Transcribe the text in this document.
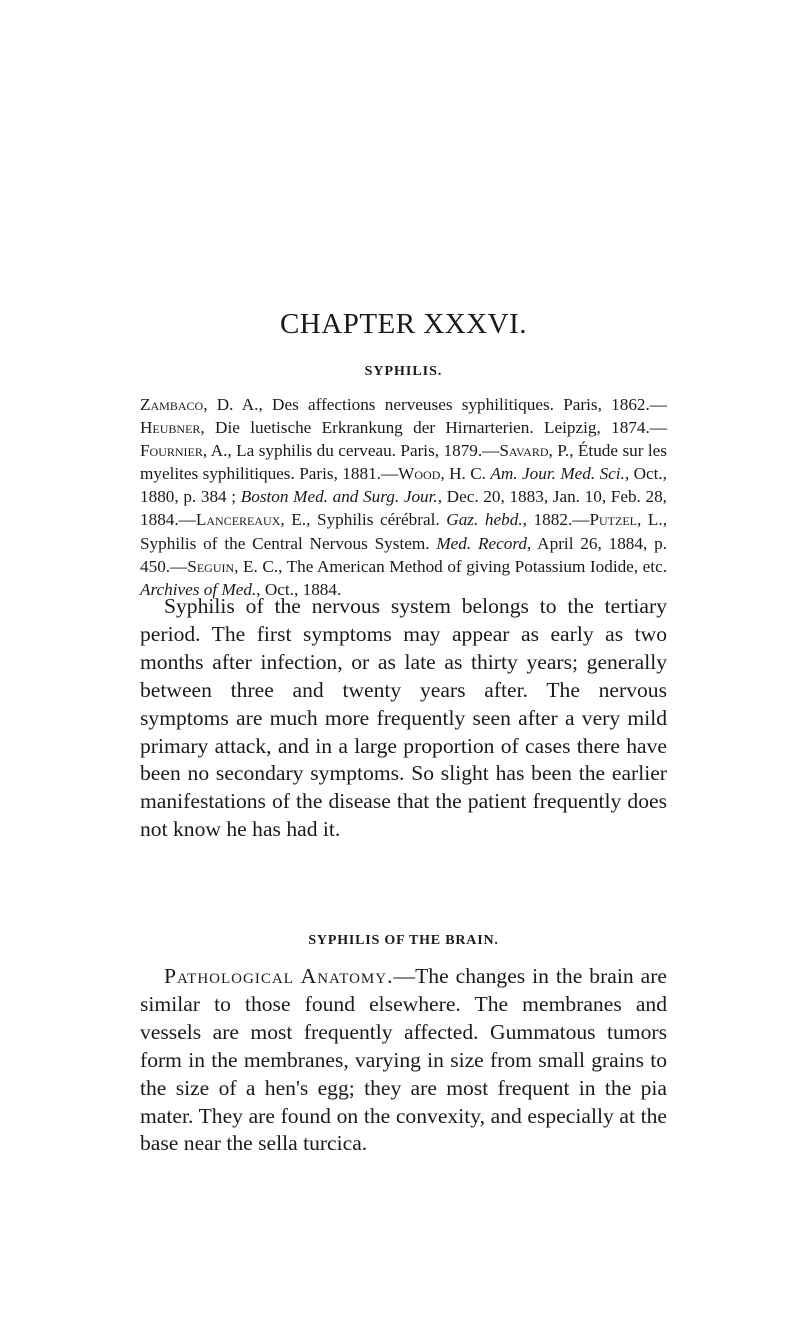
CHAPTER XXXVI.
SYPHILIS.

Zambaco, D. A., Des affections nerveuses syphilitiques. Paris, 1862.—Heubner, Die luetische Erkrankung der Hirnarterien. Leipzig, 1874.—Fournier, A., La syphilis du cerveau. Paris, 1879.—Savard, P., Étude sur les myelites syphilitiques. Paris, 1881.—Wood, H. C. Am. Jour. Med. Sci., Oct., 1880, p. 384 ; Boston Med. and Surg. Jour., Dec. 20, 1883, Jan. 10, Feb. 28, 1884.—Lancereaux, E., Syphilis cérébral. Gaz. hebd., 1882.—Putzel, L., Syphilis of the Central Nervous System. Med. Record, April 26, 1884, p. 450.—Seguin, E. C., The American Method of giving Potassium Iodide, etc. Archives of Med., Oct., 1884.

Syphilis of the nervous system belongs to the tertiary period. The first symptoms may appear as early as two months after infection, or as late as thirty years; generally between three and twenty years after. The nervous symptoms are much more frequently seen after a very mild primary attack, and in a large proportion of cases there have been no secondary symptoms. So slight has been the earlier manifestations of the disease that the patient frequently does not know he has had it.

SYPHILIS OF THE BRAIN.

Pathological Anatomy.—The changes in the brain are similar to those found elsewhere. The membranes and vessels are most frequently affected. Gummatous tumors form in the membranes, varying in size from small grains to the size of a hen's egg; they are most frequent in the pia mater. They are found on the convexity, and especially at the base near the sella turcica.
